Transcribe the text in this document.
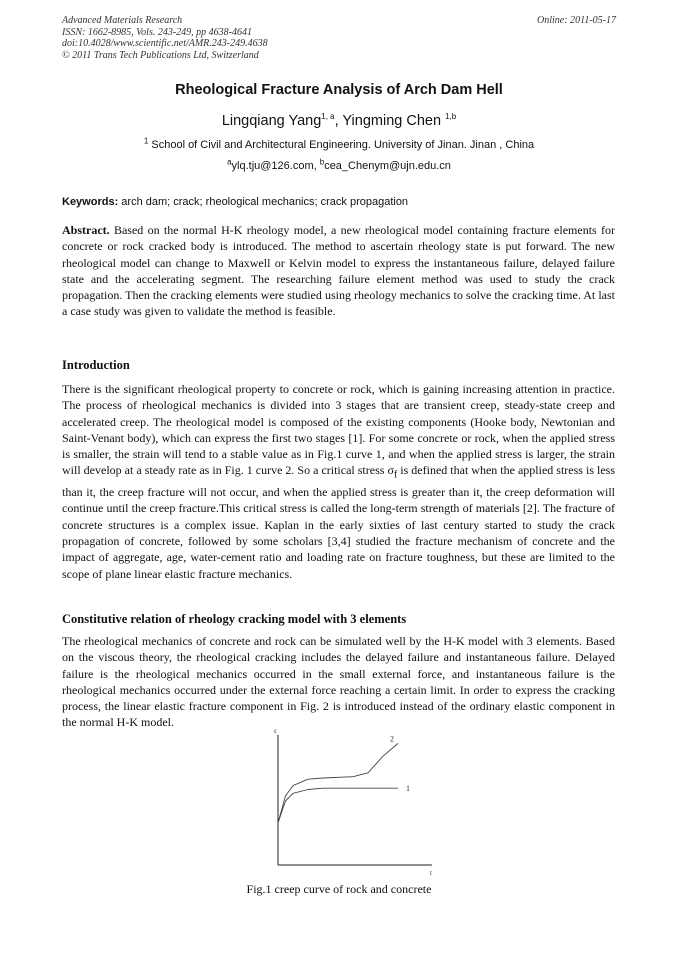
Advanced Materials Research
ISSN: 1662-8985, Vols. 243-249, pp 4638-4641
doi:10.4028/www.scientific.net/AMR.243-249.4638
© 2011 Trans Tech Publications Ltd, Switzerland
Online: 2011-05-17
Rheological Fracture Analysis of Arch Dam Hell
Lingqiang Yang$^{1, a}$, Yingming Chen $^{1,b}$
$^1$ School of Civil and Architectural Engineering. University of Jinan. Jinan , China
$^a$ylq.tju@126.com, $^b$cea_Chenym@ujn.edu.cn
Keywords: arch dam; crack; rheological mechanics; crack propagation
Abstract. Based on the normal H-K rheology model, a new rheological model containing fracture elements for concrete or rock cracked body is introduced. The method to ascertain rheology state is put forward. The new rheological model can change to Maxwell or Kelvin model to express the instantaneous failure, delayed failure state and the accelerating segment. The researching failure element method was used to study the crack propagation. Then the cracking elements were studied using rheology mechanics to solve the cracking time. At last a case study was given to validate the method is feasible.
Introduction
There is the significant rheological property to concrete or rock, which is gaining increasing attention in practice. The process of rheological mechanics is divided into 3 stages that are transient creep, steady-state creep and accelerated creep. The rheological model is composed of the existing components (Hooke body, Newtonian and Saint-Venant body), which can express the first two stages [1]. For some concrete or rock, when the applied stress is smaller, the strain will tend to a stable value as in Fig.1 curve 1, and when the applied stress is larger, the strain will develop at a steady rate as in Fig. 1 curve 2. So a critical stress $\sigma_f$ is defined that when the applied stress is less than it, the creep fracture will not occur, and when the applied stress is greater than it, the creep deformation will continue until the creep fracture.This critical stress is called the long-term strength of materials [2]. The fracture of concrete structures is a complex issue. Kaplan in the early sixties of last century started to study the crack propagation of concrete, followed by some scholars [3,4] studied the fracture mechanism of concrete and the impact of aggregate, age, water-cement ratio and loading rate on fracture toughness, but these are limited to the scope of plane linear elastic fracture mechanics.
Constitutive relation of rheology cracking model with 3 elements
The rheological mechanics of concrete and rock can be simulated well by the H-K model with 3 elements. Based on the viscous theory, the rheological cracking includes the delayed failure and instantaneous failure. Delayed failure is the rheological mechanics occurred in the small external force, and instantaneous failure is the rheological mechanics occurred under the external force reaching a certain limit. In order to express the cracking process, the linear elastic fracture component in Fig. 2 is introduced instead of the ordinary elastic component in the normal H-K model.
t
ε
1
2
Fig.1 creep curve of rock and concrete
